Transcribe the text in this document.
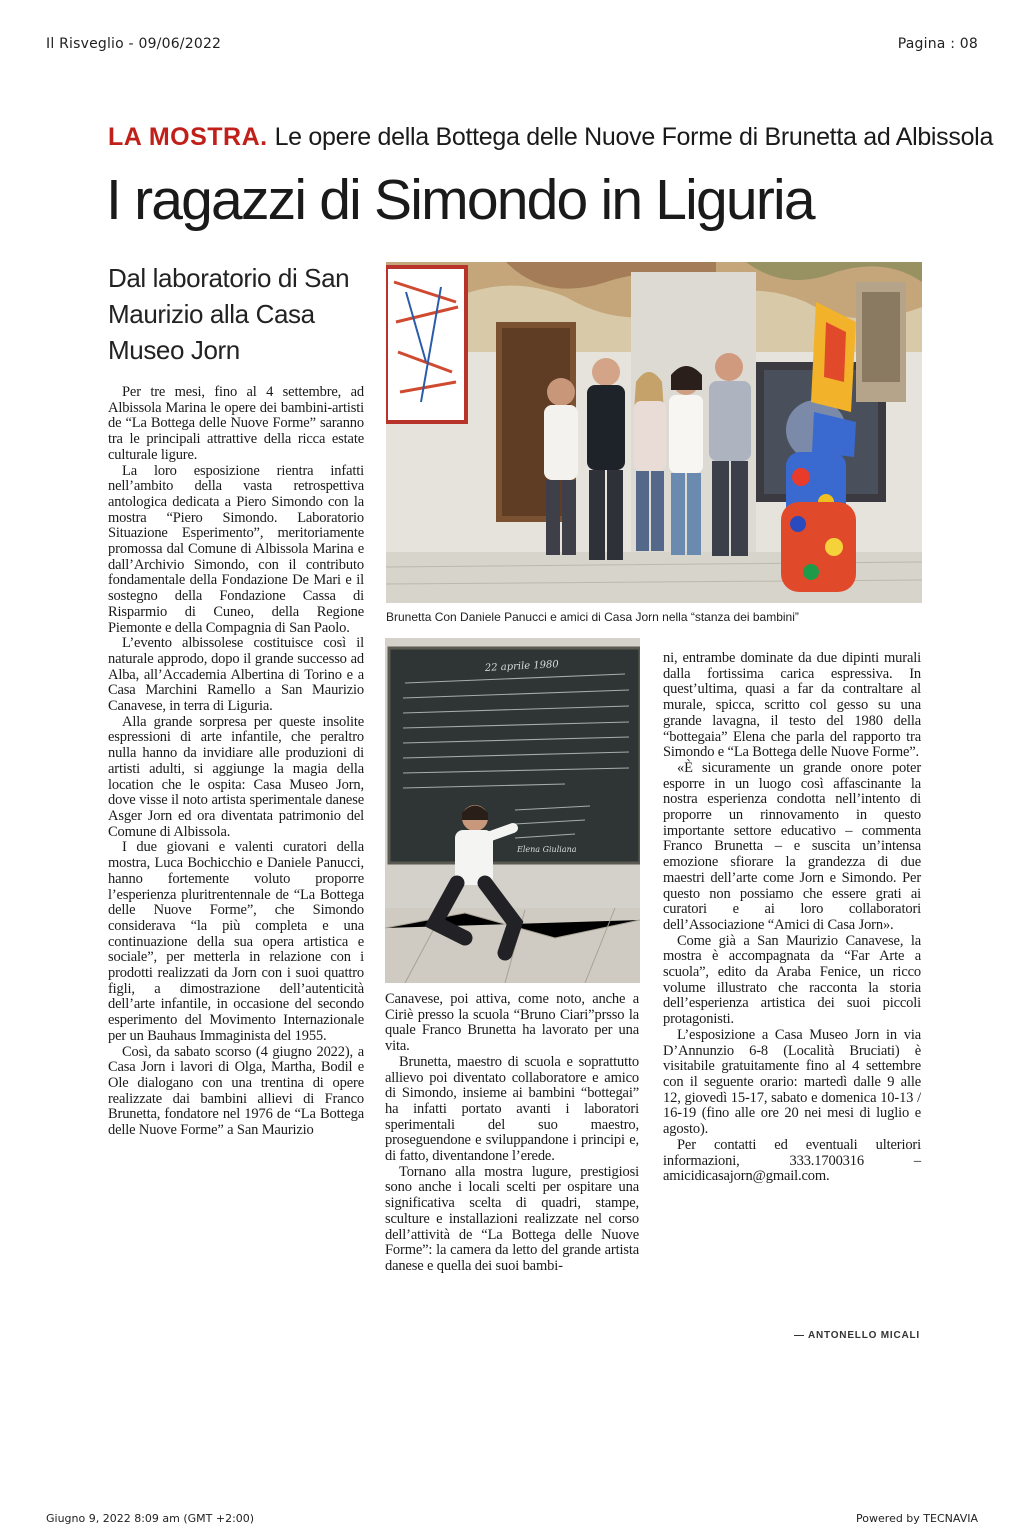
Il Risveglio - 09/06/2022	Pagina : 08
LA MOSTRA. Le opere della Bottega delle Nuove Forme di Brunetta ad Albissola
I ragazzi di Simondo in Liguria
Dal laboratorio di San Maurizio alla Casa Museo Jorn

Per tre mesi, fino al 4 settembre, ad Albissola Marina le opere dei bambini-artisti de “La Bottega delle Nuove Forme” saranno tra le principali attrattive della ricca estate culturale ligure.

La loro esposizione rientra infatti nell’ambito della vasta retrospettiva antologica dedicata a Piero Simondo con la mostra “Piero Simondo. Laboratorio Situazione Esperimento”, meritoriamente promossa dal Comune di Albissola Marina e dall’Archivio Simondo, con il contributo fondamentale della Fondazione De Mari e il sostegno della Fondazione Cassa di Risparmio di Cuneo, della Regione Piemonte e della Compagnia di San Paolo.

L’evento albissolese costituisce così il naturale approdo, dopo il grande successo ad Alba, all’Accademia Albertina di Torino e a Casa Marchini Ramello a San Maurizio Canavese, in terra di Liguria.

Alla grande sorpresa per queste insolite espressioni di arte infantile, che peraltro nulla hanno da invidiare alle produzioni di artisti adulti, si aggiunge la magia della location che le ospita: Casa Museo Jorn, dove visse il noto artista sperimentale danese Asger Jorn ed ora diventata patrimonio del Comune di Albissola.

I due giovani e valenti curatori della mostra, Luca Bochicchio e Daniele Panucci, hanno fortemente voluto proporre l’esperienza pluritrentennale de “La Bottega delle Nuove Forme”, che Simondo considerava “la più completa e una continuazione della sua opera artistica e sociale”, per metterla in relazione con i prodotti realizzati da Jorn con i suoi quattro figli, a dimostrazione dell’autenticità dell’arte infantile, in occasione del secondo esperimento del Movimento Internazionale per un Bauhaus Immaginista del 1955.

Così, da sabato scorso (4 giugno 2022), a Casa Jorn i lavori di Olga, Martha, Bodil e Ole dialogano con una trentina di opere realizzate dai bambini allievi di Franco Brunetta, fondatore nel 1976 de “La Bottega delle Nuove Forme” a San Maurizio

Brunetta Con Daniele Panucci e amici di Casa Jorn nella “stanza dei bambini”
22 aprile 1980
Elena Giuliana

Canavese, poi attiva, come noto, anche a Ciriè presso la scuola “Bruno Ciari”prsso la quale Franco Brunetta ha lavorato per una vita.

Brunetta, maestro di scuola e soprattutto allievo poi diventato collaboratore e amico di Simondo, insieme ai bambini “bottegai” ha infatti portato avanti i laboratori sperimentali del suo maestro, proseguendone e sviluppandone i principi e, di fatto, diventandone l’erede.

Tornano alla mostra lugure, prestigiosi sono anche i locali scelti per ospitare una significativa scelta di quadri, stampe, sculture e installazioni realizzate nel corso dell’attività de “La Bottega delle Nuove Forme”: la camera da letto del grande artista danese e quella dei suoi bambi-

ni, entrambe dominate da due dipinti murali dalla fortissima carica espressiva. In quest’ultima, quasi a far da contraltare al murale, spicca, scritto col gesso su una grande lavagna, il testo del 1980 della “bottegaia” Elena che parla del rapporto tra Simondo e “La Bottega delle Nuove Forme”.

«È sicuramente un grande onore poter esporre in un luogo così affascinante la nostra esperienza condotta nell’intento di proporre un rinnovamento in questo importante settore educativo – commenta Franco Brunetta – e suscita un’intensa emozione sfiorare la grandezza di due maestri dell’arte come Jorn e Simondo. Per questo non possiamo che essere grati ai curatori e ai loro collaboratori dell’Associazione “Amici di Casa Jorn».

Come già a San Maurizio Canavese, la mostra è accompagnata da “Far Arte a scuola”, edito da Araba Fenice, un ricco volume illustrato che racconta la storia dell’esperienza artistica dei suoi piccoli protagonisti.

L’esposizione a Casa Museo Jorn in via D’Annunzio 6-8 (Località Bruciati) è visitabile gratuitamente fino al 4 settembre con il seguente orario: martedì dalle 9 alle 12, giovedì 15-17, sabato e domenica 10-13 / 16-19 (fino alle ore 20 nei mesi di luglio e agosto).

Per contatti ed eventuali ulteriori informazioni, 333.1700316 – amicidicasajorn@gmail.com.

— ANTONELLO MICALI
Giugno 9, 2022 8:09 am (GMT +2:00)	Powered by TECNAVIA
